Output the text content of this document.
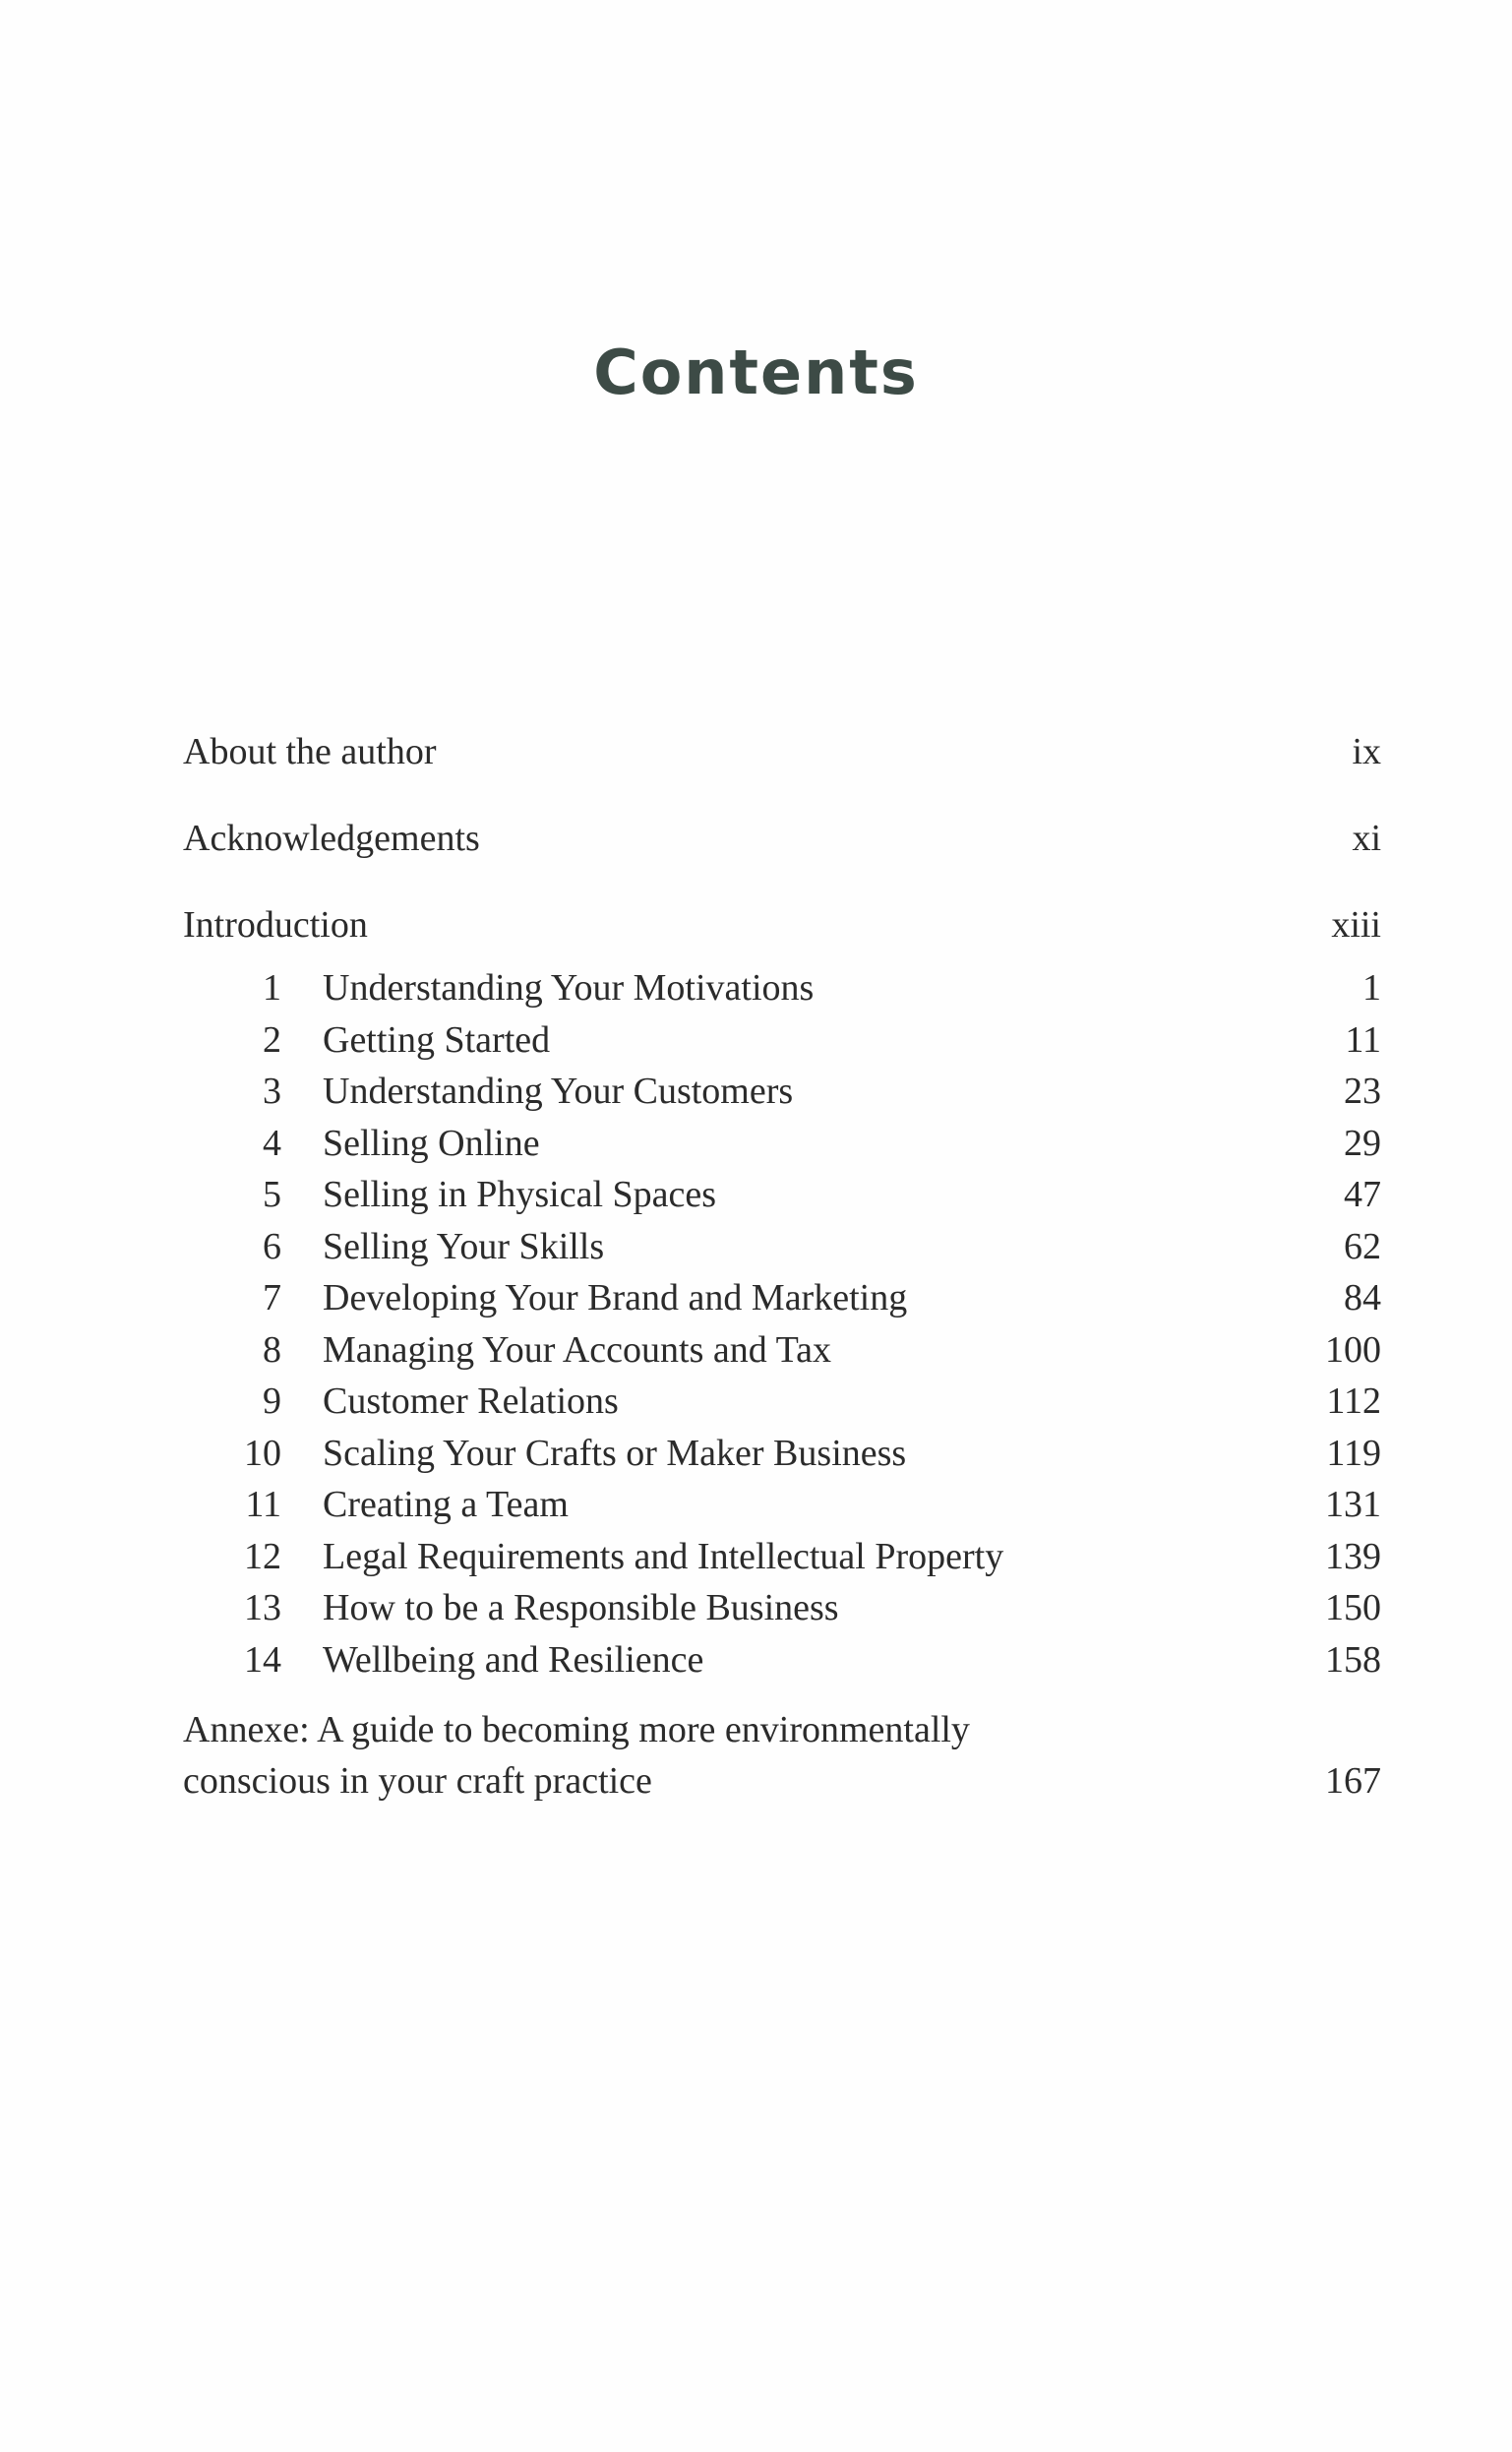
Contents
About the author	ix
Acknowledgements	xi
Introduction	xiii
1 Understanding Your Motivations	1
2 Getting Started	11
3 Understanding Your Customers	23
4 Selling Online	29
5 Selling in Physical Spaces	47
6 Selling Your Skills	62
7 Developing Your Brand and Marketing	84
8 Managing Your Accounts and Tax	100
9 Customer Relations	112
10 Scaling Your Crafts or Maker Business	119
11 Creating a Team	131
12 Legal Requirements and Intellectual Property	139
13 How to be a Responsible Business	150
14 Wellbeing and Resilience	158
Annexe: A guide to becoming more environmentally
conscious in your craft practice	167
